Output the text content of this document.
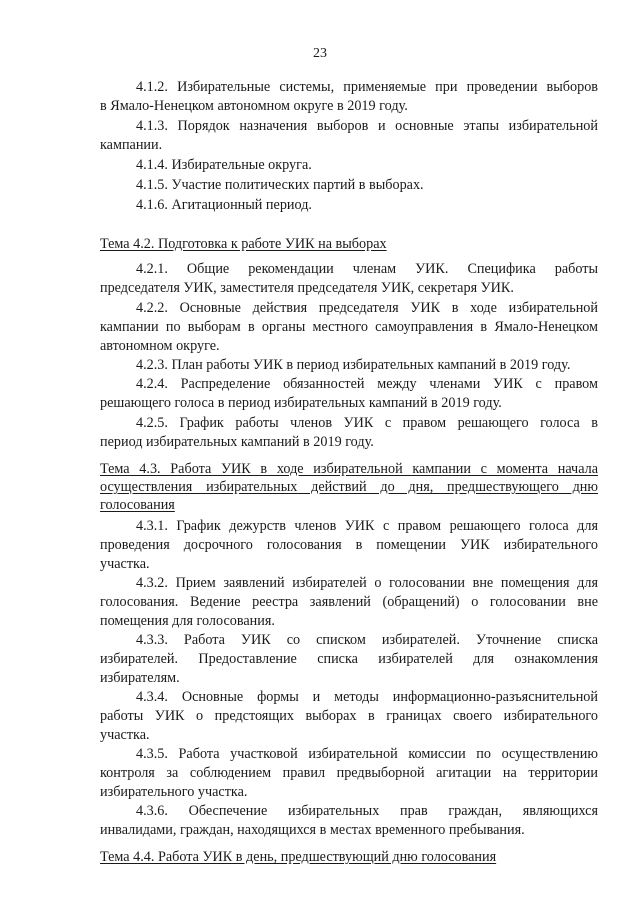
23
4.1.2. Избирательные системы, применяемые при проведении выборов
в Ямало-Ненецком автономном округе в 2019 году.
4.1.3. Порядок назначения выборов и основные этапы избирательной
кампании.
4.1.4. Избирательные округа.
4.1.5. Участие политических партий в выборах.
4.1.6. Агитационный период.
Тема 4.2. Подготовка к работе УИК на выборах
4.2.1. Общие рекомендации членам УИК. Специфика работы
председателя УИК, заместителя председателя УИК, секретаря УИК.
4.2.2. Основные действия председателя УИК в ходе избирательной
кампании по выборам в органы местного самоуправления в Ямало-Ненецком
автономном округе.
4.2.3. План работы УИК в период избирательных кампаний в 2019 году.
4.2.4. Распределение обязанностей между членами УИК с правом
решающего голоса в период избирательных кампаний в 2019 году.
4.2.5. График работы членов УИК с правом решающего голоса в
период избирательных кампаний в 2019 году.
Тема 4.3. Работа УИК в ходе избирательной кампании с момента начала
осуществления избирательных действий до дня, предшествующего дню
голосования
4.3.1. График дежурств членов УИК с правом решающего голоса для
проведения досрочного голосования в помещении УИК избирательного
участка.
4.3.2. Прием заявлений избирателей о голосовании вне помещения для
голосования. Ведение реестра заявлений (обращений) о голосовании вне
помещения для голосования.
4.3.3. Работа УИК со списком избирателей. Уточнение списка
избирателей. Предоставление списка избирателей для ознакомления
избирателям.
4.3.4. Основные формы и методы информационно-разъяснительной
работы УИК о предстоящих выборах в границах своего избирательного
участка.
4.3.5. Работа участковой избирательной комиссии по осуществлению
контроля за соблюдением правил предвыборной агитации на территории
избирательного участка.
4.3.6. Обеспечение избирательных прав граждан, являющихся
инвалидами, граждан, находящихся в местах временного пребывания.
Тема 4.4. Работа УИК в день, предшествующий дню голосования
